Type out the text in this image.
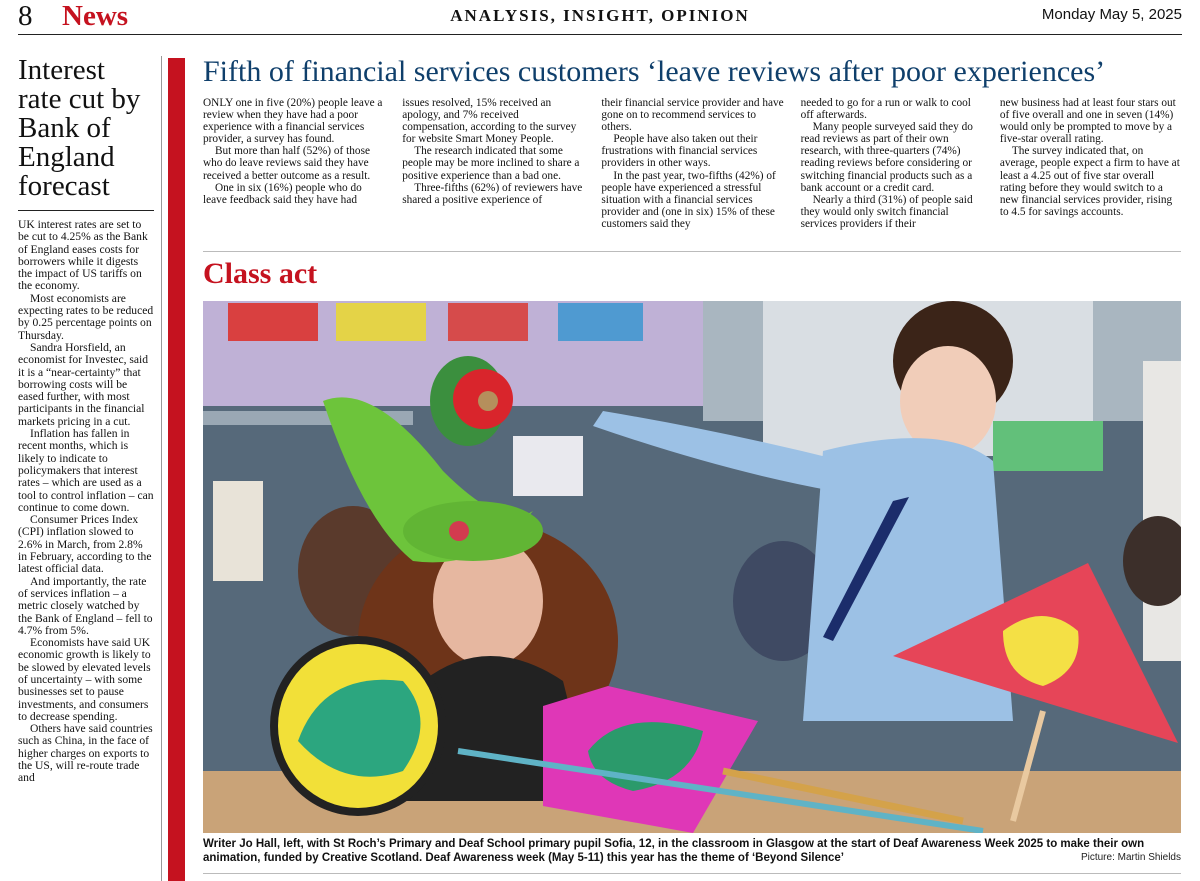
8 News	ANALYSIS, INSIGHT, OPINION	Monday May 5, 2025
Interest rate cut by Bank of England forecast

UK interest rates are set to be cut to 4.25% as the Bank of England eases costs for borrowers while it digests the impact of US tariffs on the economy.

Most economists are expecting rates to be reduced by 0.25 percentage points on Thursday.

Sandra Horsfield, an economist for Investec, said it is a “near-certainty” that borrowing costs will be eased further, with most participants in the financial markets pricing in a cut.

Inflation has fallen in recent months, which is likely to indicate to policymakers that interest rates – which are used as a tool to control inflation – can continue to come down.

Consumer Prices Index (CPI) inflation slowed to 2.6% in March, from 2.8% in February, according to the latest official data.

And importantly, the rate of services inflation – a metric closely watched by the Bank of England – fell to 4.7% from 5%.

Economists have said UK economic growth is likely to be slowed by elevated levels of uncertainty – with some businesses set to pause investments, and consumers to decrease spending.

Others have said countries such as China, in the face of higher charges on exports to the US, will re-route trade and

Fifth of financial services customers ‘leave reviews after poor experiences’

ONLY one in five (20%) people leave a review when they have had a poor experience with a financial services provider, a survey has found.

But more than half (52%) of those who do leave reviews said they have received a better outcome as a result.

One in six (16%) people who do leave feedback said they have had

issues resolved, 15% received an apology, and 7% received compensation, according to the survey for website Smart Money People.

The research indicated that some people may be more inclined to share a positive experience than a bad one.

Three-fifths (62%) of reviewers have shared a positive experience of

their financial service provider and have gone on to recommend services to others.

People have also taken out their frustrations with financial services providers in other ways.

In the past year, two-fifths (42%) of people have experienced a stressful situation with a financial services provider and (one in six) 15% of these customers said they

needed to go for a run or walk to cool off afterwards.

Many people surveyed said they do read reviews as part of their own research, with three-quarters (74%) reading reviews before considering or switching financial products such as a bank account or a credit card.

Nearly a third (31%) of people said they would only switch financial services providers if their

new business had at least four stars out of five overall and one in seven (14%) would only be prompted to move by a five-star overall rating.

The survey indicated that, on average, people expect a firm to have at least a 4.25 out of five star overall rating before they would switch to a new financial services provider, rising to 4.5 for savings accounts.

Class act
Writer Jo Hall, left, with St Roch’s Primary and Deaf School primary pupil Sofia, 12, in the classroom in Glasgow at the start of Deaf Awareness Week 2025 to make their own animation, funded by Creative Scotland. Deaf Awareness week (May 5-11) this year has the theme of ‘Beyond Silence’	Picture: Martin Shields
